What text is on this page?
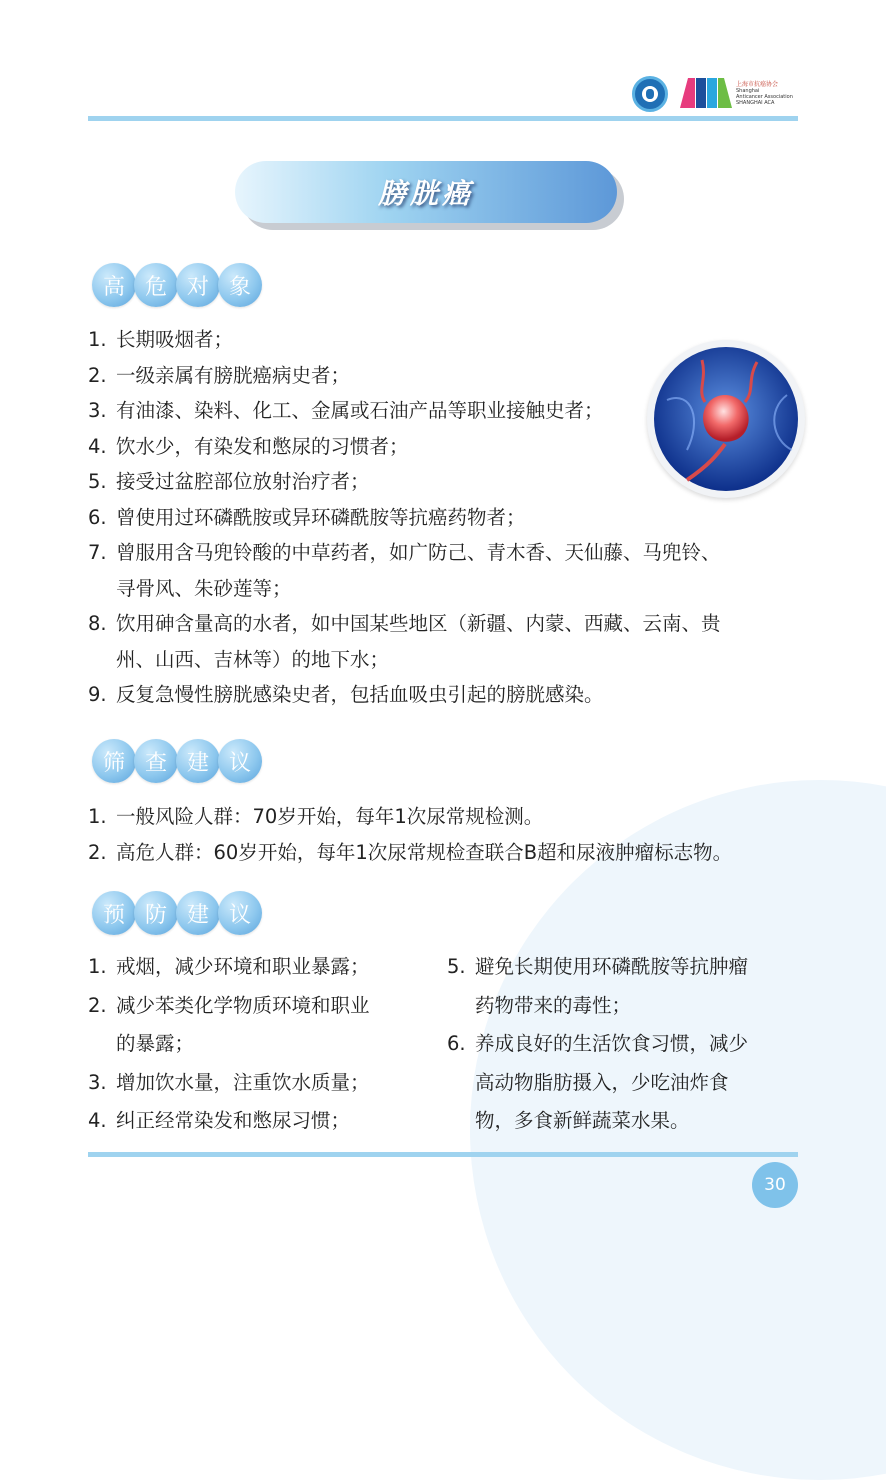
上海市抗癌协会
Shanghai
Anticancer Association
SHANGHAI ACA
膀胱癌
高 危 对 象
1. 长期吸烟者；
2. 一级亲属有膀胱癌病史者；
3. 有油漆、染料、化工、金属或石油产品等职业接触史者；
4. 饮水少，有染发和憋尿的习惯者；
5. 接受过盆腔部位放射治疗者；
6. 曾使用过环磷酰胺或异环磷酰胺等抗癌药物者；
7. 曾服用含马兜铃酸的中草药者，如广防己、青木香、天仙藤、马兜铃、
寻骨风、朱砂莲等；
8. 饮用砷含量高的水者，如中国某些地区（新疆、内蒙、西藏、云南、贵
州、山西、吉林等）的地下水；
9. 反复急慢性膀胱感染史者，包括血吸虫引起的膀胱感染。
筛 查 建 议
1. 一般风险人群：70岁开始，每年1次尿常规检测。
2. 高危人群：60岁开始，每年1次尿常规检查联合B超和尿液肿瘤标志物。
预 防 建 议
1. 戒烟，减少环境和职业暴露；
2. 减少苯类化学物质环境和职业
的暴露；
3. 增加饮水量，注重饮水质量；
4. 纠正经常染发和憋尿习惯；
5. 避免长期使用环磷酰胺等抗肿瘤
药物带来的毒性；
6. 养成良好的生活饮食习惯，减少
高动物脂肪摄入，少吃油炸食
物，多食新鲜蔬菜水果。
30
